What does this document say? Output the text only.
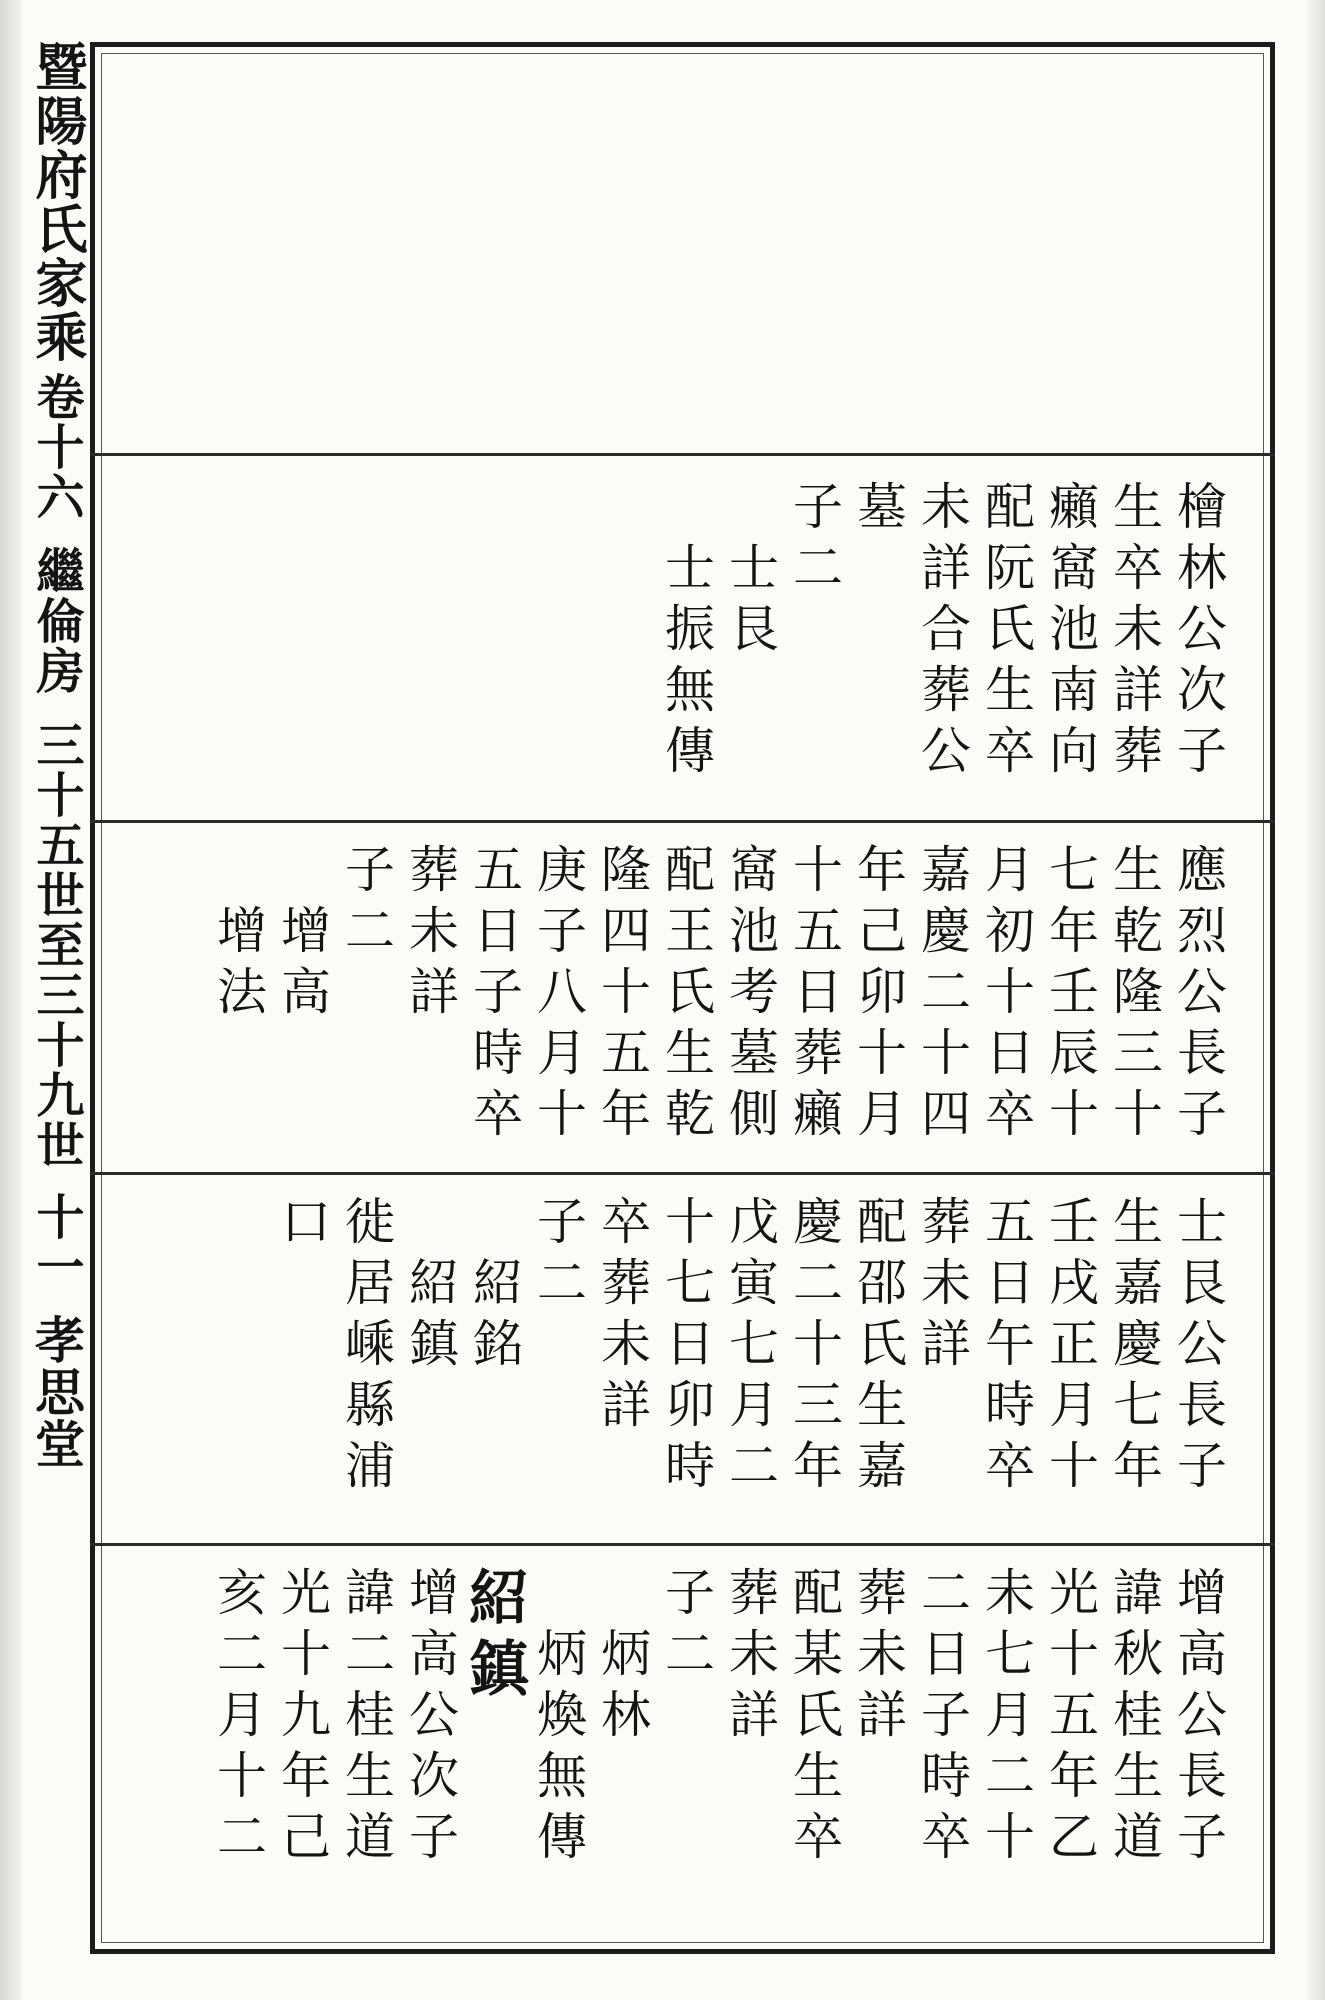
暨陽府氏家乘
卷十六
繼倫房
三十五世至三十九世
十一
孝思堂
檜林公次子
生卒未詳葬
癩窩池南向
配阮氏生卒
未詳合葬公
墓
子二
　士艮
　士振無傳
應烈公長子
生乾隆三十
七年壬辰十
月初十日卒
嘉慶二十四
年己卯十月
十五日葬癩
窩池考墓側
配王氏生乾
隆四十五年
庚子八月十
五日子時卒
葬未詳
子二
　增高
　增法
士艮公長子
生嘉慶七年
壬戌正月十
五日午時卒
葬未詳
配邵氏生嘉
慶二十三年
戊寅七月二
十七日卯時
卒葬未詳
子二
　紹銘
　紹鎮
徙居嵊縣浦
口
增高公長子
諱秋桂生道
光十五年乙
未七月二十
二日子時卒
葬未詳
配某氏生卒
葬未詳
子二
　炳林
　炳煥無傳
紹鎮
增高公次子
諱二桂生道
光十九年己
亥二月十二
